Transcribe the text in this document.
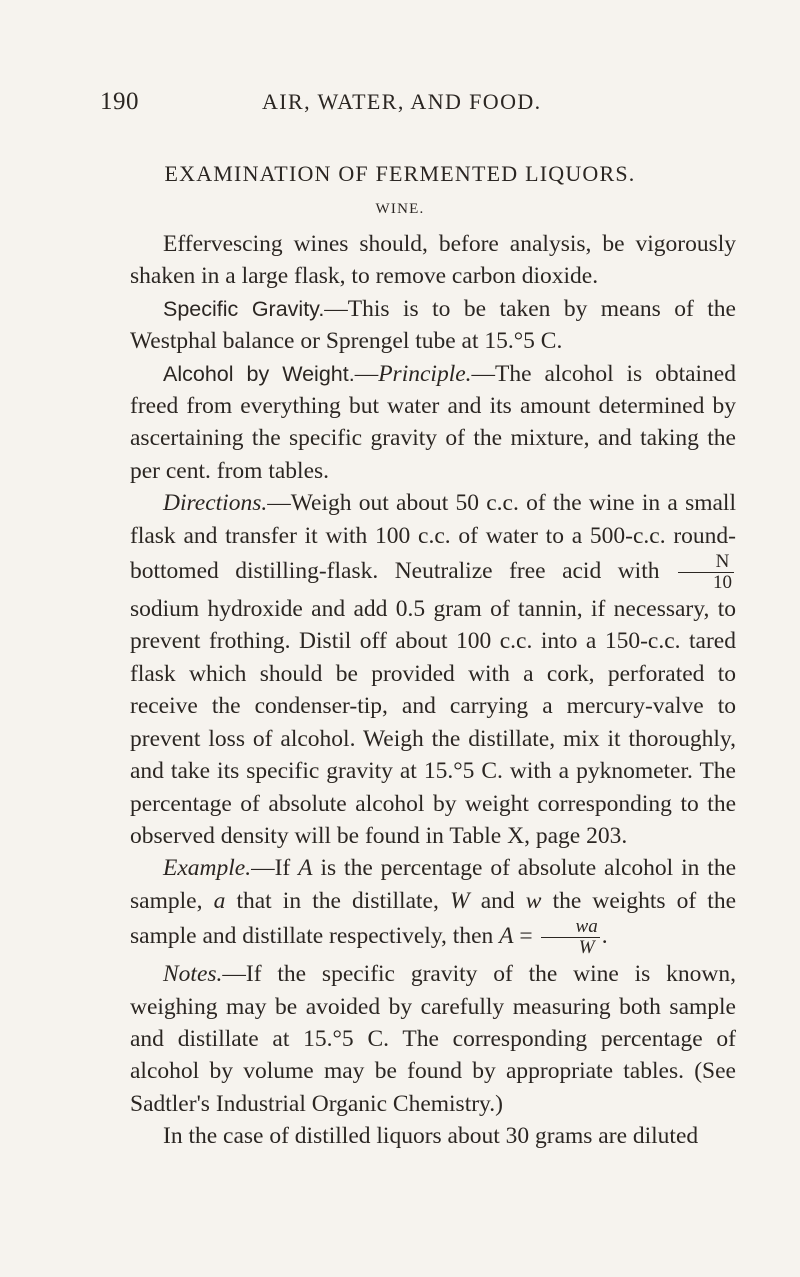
190	AIR, WATER, AND FOOD.
EXAMINATION OF FERMENTED LIQUORS.
WINE.

Effervescing wines should, before analysis, be vigorously shaken in a large flask, to remove carbon dioxide.

Specific Gravity.—This is to be taken by means of the Westphal balance or Sprengel tube at 15.°5 C.

Alcohol by Weight.—Principle.—The alcohol is obtained freed from everything but water and its amount determined by ascertaining the specific gravity of the mixture, and taking the per cent. from tables.

Directions.—Weigh out about 50 c.c. of the wine in a small flask and transfer it with 100 c.c. of water to a 500-c.c. round-bottomed distilling-flask. Neutralize free acid with $\frac{N}{10}$
sodium hydroxide and add 0.5 gram of tannin, if necessary, to prevent frothing. Distil off about 100 c.c. into a 150-c.c. tared flask which should be provided with a cork, perforated to receive the condenser-tip, and carrying a mercury-valve to prevent loss of alcohol. Weigh the distillate, mix it thoroughly, and take its specific gravity at 15.°5 C. with a pyknometer. The percentage of absolute alcohol by weight corresponding to the observed density will be found in Table X, page 203.

Example.—If A is the percentage of absolute alcohol in the sample, a that in the distillate, W and w the weights of the sample and distillate respectively, then $A = \frac{wa}{W}$ .

Notes.—If the specific gravity of the wine is known, weighing may be avoided by carefully measuring both sample and distillate at 15.°5 C. The corresponding percentage of alcohol by volume may be found by appropriate tables. (See Sadtler's Industrial Organic Chemistry.)

In the case of distilled liquors about 30 grams are diluted
